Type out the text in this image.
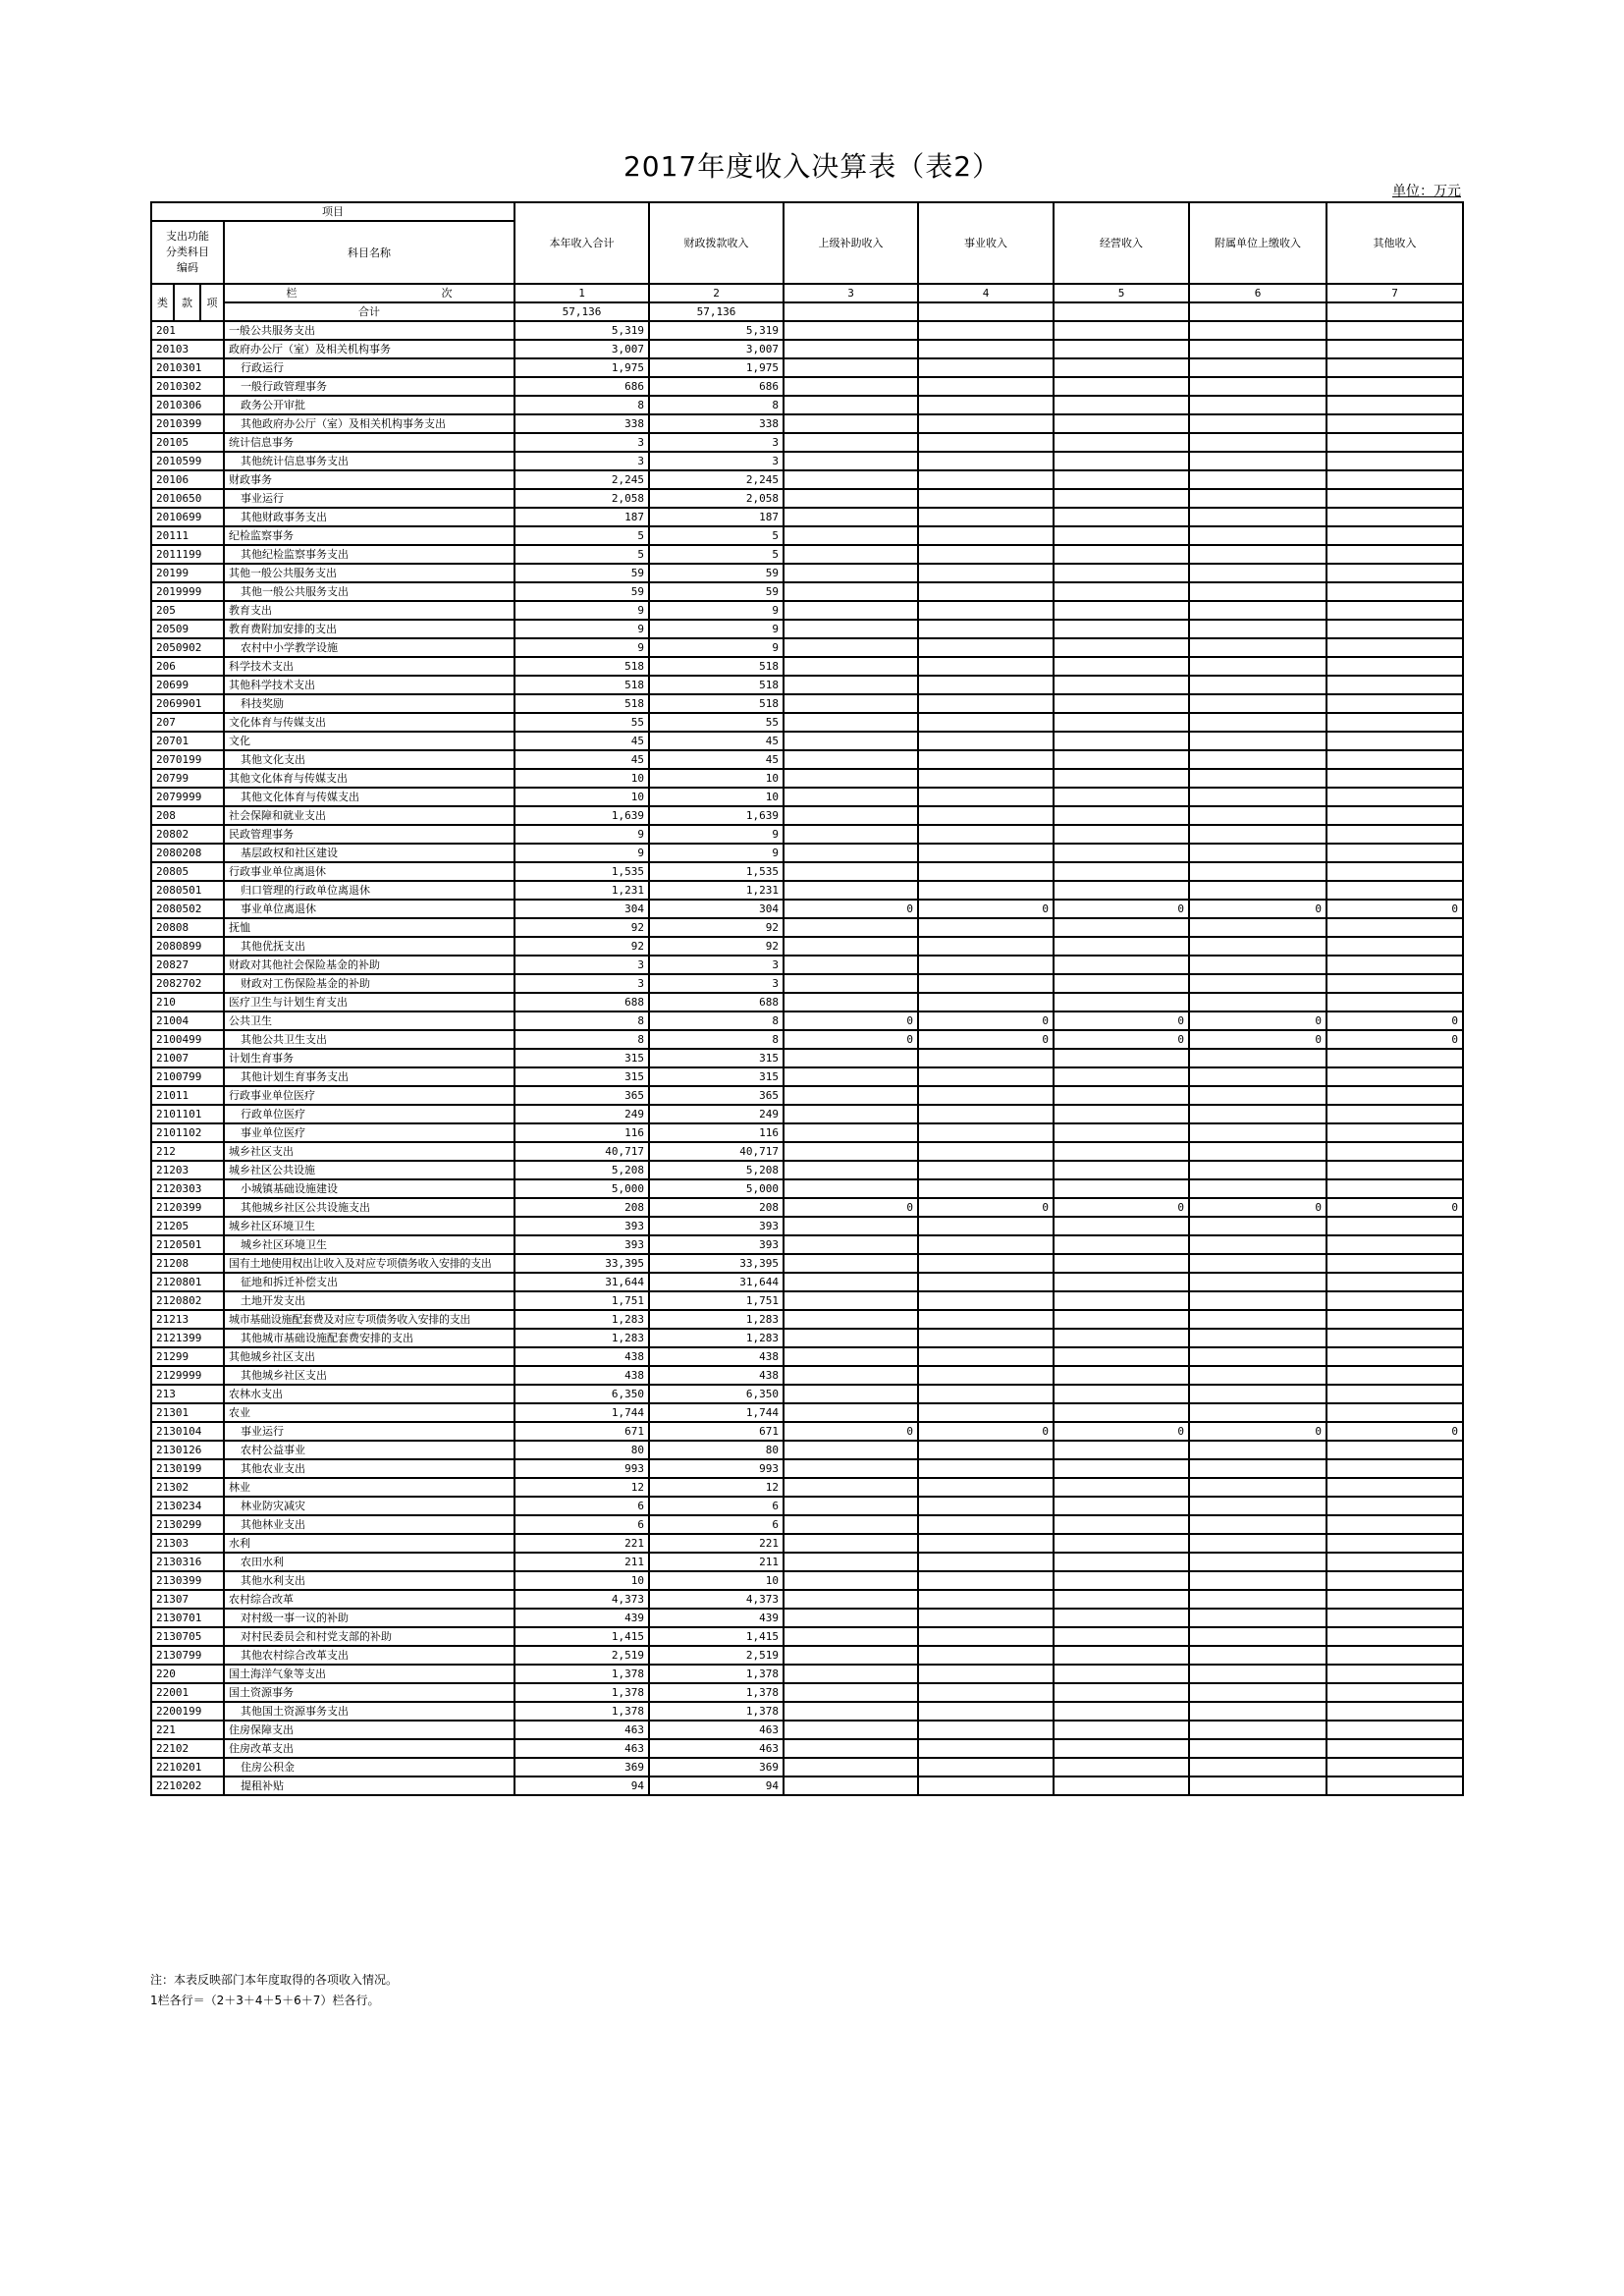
2017年度收入决算表（表2）
单位：万元
项目				本年收入合计	财政拨款收入	上级补助收入	事业收入	经营收入	附属单位上缴收入	其他收入

支出功能
分类科目
编码			科目名称							
类	款	项	栏 次	1	2	3	4	5	6	7
			合计	57,136	57,136					
201			一般公共服务支出	5,319	5,319					
20103			政府办公厅（室）及相关机构事务	3,007	3,007					
2010301			行政运行	1,975	1,975					
2010302			一般行政管理事务	686	686					
2010306			政务公开审批	8	8					
2010399			其他政府办公厅（室）及相关机构事务支出	338	338					
20105			统计信息事务	3	3					
2010599			其他统计信息事务支出	3	3					
20106			财政事务	2,245	2,245					
2010650			事业运行	2,058	2,058					
2010699			其他财政事务支出	187	187					
20111			纪检监察事务	5	5					
2011199			其他纪检监察事务支出	5	5					
20199			其他一般公共服务支出	59	59					
2019999			其他一般公共服务支出	59	59					
205			教育支出	9	9					
20509			教育费附加安排的支出	9	9					
2050902			农村中小学教学设施	9	9					
206			科学技术支出	518	518					
20699			其他科学技术支出	518	518					
2069901			科技奖励	518	518					
207			文化体育与传媒支出	55	55					
20701			文化	45	45					
2070199			其他文化支出	45	45					
20799			其他文化体育与传媒支出	10	10					
2079999			其他文化体育与传媒支出	10	10					
208			社会保障和就业支出	1,639	1,639					
20802			民政管理事务	9	9					
2080208			基层政权和社区建设	9	9					
20805			行政事业单位离退休	1,535	1,535					
2080501			归口管理的行政单位离退休	1,231	1,231					
2080502			事业单位离退休	304	304	0	0	0	0	0
20808			抚恤	92	92					
2080899			其他优抚支出	92	92					
20827			财政对其他社会保险基金的补助	3	3					
2082702			财政对工伤保险基金的补助	3	3					
210			医疗卫生与计划生育支出	688	688					
21004			公共卫生	8	8	0	0	0	0	0
2100499			其他公共卫生支出	8	8	0	0	0	0	0
21007			计划生育事务	315	315					
2100799			其他计划生育事务支出	315	315					
21011			行政事业单位医疗	365	365					
2101101			行政单位医疗	249	249					
2101102			事业单位医疗	116	116					
212			城乡社区支出	40,717	40,717					
21203			城乡社区公共设施	5,208	5,208					
2120303			小城镇基础设施建设	5,000	5,000					
2120399			其他城乡社区公共设施支出	208	208	0	0	0	0	0
21205			城乡社区环境卫生	393	393					
2120501			城乡社区环境卫生	393	393					
21208			国有土地使用权出让收入及对应专项债务收入安排的支出	33,395	33,395					
2120801			征地和拆迁补偿支出	31,644	31,644					
2120802			土地开发支出	1,751	1,751					
21213			城市基础设施配套费及对应专项债务收入安排的支出	1,283	1,283					
2121399			其他城市基础设施配套费安排的支出	1,283	1,283					
21299			其他城乡社区支出	438	438					
2129999			其他城乡社区支出	438	438					
213			农林水支出	6,350	6,350					
21301			农业	1,744	1,744					
2130104			事业运行	671	671	0	0	0	0	0
2130126			农村公益事业	80	80					
2130199			其他农业支出	993	993					
21302			林业	12	12					
2130234			林业防灾减灾	6	6					
2130299			其他林业支出	6	6					
21303			水利	221	221					
2130316			农田水利	211	211					
2130399			其他水利支出	10	10					
21307			农村综合改革	4,373	4,373					
2130701			对村级一事一议的补助	439	439					
2130705			对村民委员会和村党支部的补助	1,415	1,415					
2130799			其他农村综合改革支出	2,519	2,519					
220			国土海洋气象等支出	1,378	1,378					
22001			国土资源事务	1,378	1,378					
2200199			其他国土资源事务支出	1,378	1,378					
221			住房保障支出	463	463					
22102			住房改革支出	463	463					
2210201			住房公积金	369	369					
2210202			提租补贴	94	94					
注：本表反映部门本年度取得的各项收入情况。
1栏各行＝（2＋3＋4＋5＋6＋7）栏各行。
